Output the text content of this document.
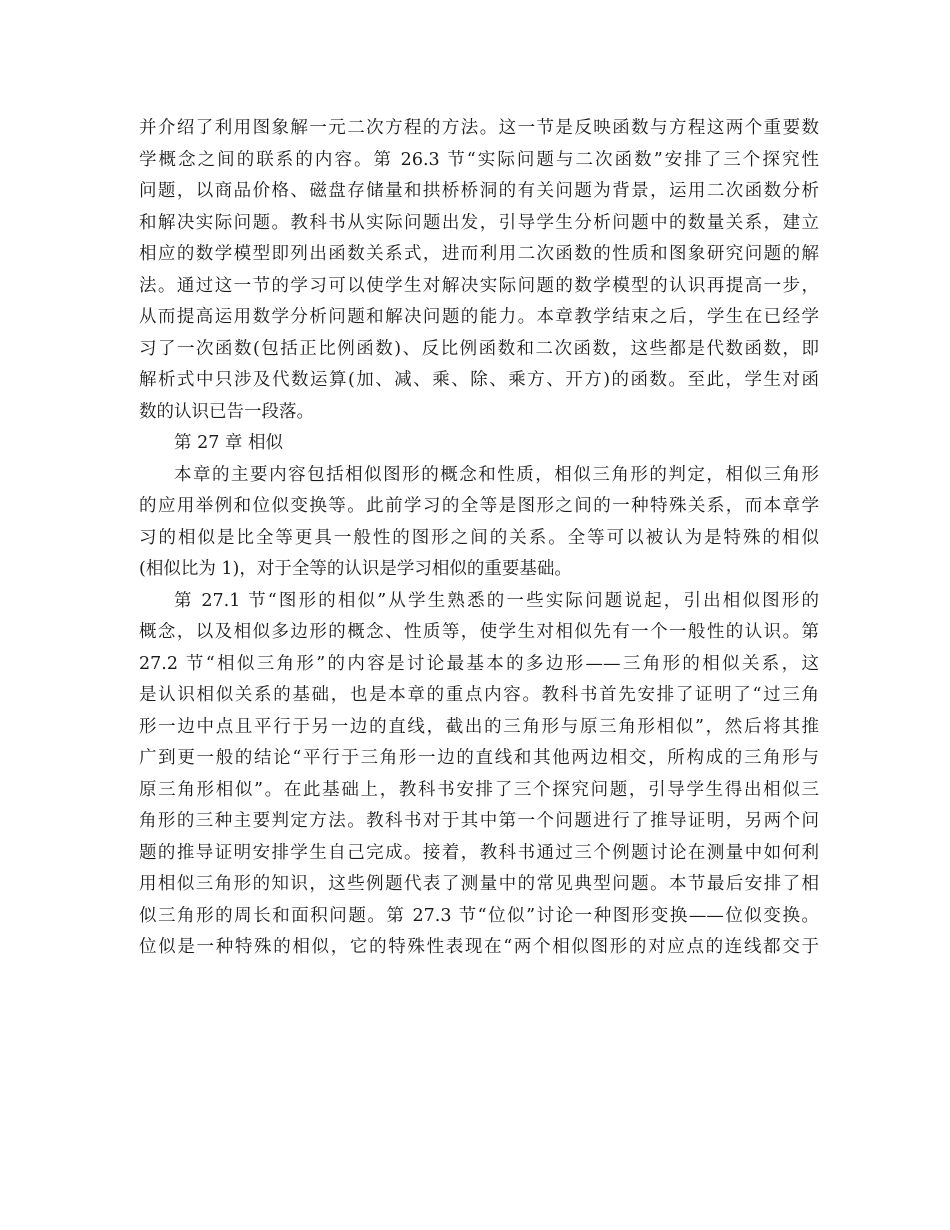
并介绍了利用图象解一元二次方程的方法。这一节是反映函数与方程这两个重要数
学概念之间的联系的内容。第 26.3 节“实际问题与二次函数”安排了三个探究性
问题，以商品价格、磁盘存储量和拱桥桥洞的有关问题为背景，运用二次函数分析
和解决实际问题。教科书从实际问题出发，引导学生分析问题中的数量关系，建立
相应的数学模型即列出函数关系式，进而利用二次函数的性质和图象研究问题的解
法。通过这一节的学习可以使学生对解决实际问题的数学模型的认识再提高一步，
从而提高运用数学分析问题和解决问题的能力。本章教学结束之后，学生在已经学
习了一次函数(包括正比例函数)、反比例函数和二次函数，这些都是代数函数，即
解析式中只涉及代数运算(加、减、乘、除、乘方、开方)的函数。至此，学生对函
数的认识已告一段落。
第 27 章 相似
本章的主要内容包括相似图形的概念和性质，相似三角形的判定，相似三角形
的应用举例和位似变换等。此前学习的全等是图形之间的一种特殊关系，而本章学
习的相似是比全等更具一般性的图形之间的关系。全等可以被认为是特殊的相似
(相似比为 1)，对于全等的认识是学习相似的重要基础。
第 27.1 节“图形的相似”从学生熟悉的一些实际问题说起，引出相似图形的
概念，以及相似多边形的概念、性质等，使学生对相似先有一个一般性的认识。第
27.2 节“相似三角形”的内容是讨论最基本的多边形——三角形的相似关系，这
是认识相似关系的基础，也是本章的重点内容。教科书首先安排了证明了“过三角
形一边中点且平行于另一边的直线，截出的三角形与原三角形相似”，然后将其推
广到更一般的结论“平行于三角形一边的直线和其他两边相交，所构成的三角形与
原三角形相似”。在此基础上，教科书安排了三个探究问题，引导学生得出相似三
角形的三种主要判定方法。教科书对于其中第一个问题进行了推导证明，另两个问
题的推导证明安排学生自己完成。接着，教科书通过三个例题讨论在测量中如何利
用相似三角形的知识，这些例题代表了测量中的常见典型问题。本节最后安排了相
似三角形的周长和面积问题。第 27.3 节“位似”讨论一种图形变换——位似变换。
位似是一种特殊的相似，它的特殊性表现在“两个相似图形的对应点的连线都交于
